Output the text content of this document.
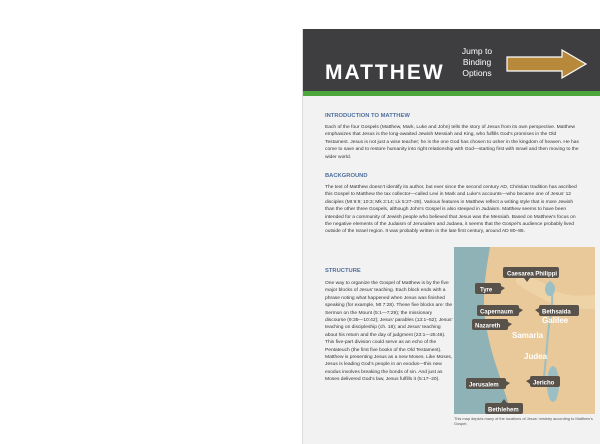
MATTHEW
Jump to
Binding
Options
INTRODUCTION TO MATTHEW

Each of the four Gospels (Matthew, Mark, Luke and John) tells the story of Jesus from its own perspective. Matthew emphasizes that Jesus is the long-awaited Jewish Messiah and King, who fulfills God’s promises in the Old Testament. Jesus is not just a wise teacher; he is the one God has chosen to usher in the kingdom of heaven. He has come to save and to restore humanity into right relationship with God—starting first with Israel and then moving to the wider world.

BACKGROUND

The text of Matthew doesn’t identify its author, but ever since the second century AD, Christian tradition has ascribed this Gospel to Matthew the tax collector—called Levi in Mark and Luke’s accounts—who became one of Jesus’ 12 disciples (Mt 9:9; 10:3; Mk 2:14; Lk 5:27–28). Various features in Matthew reflect a writing style that is more Jewish than the other three Gospels, although John’s Gospel is also steeped in Judaism. Matthew seems to have been intended for a community of Jewish people who believed that Jesus was the Messiah. Based on Matthew’s focus on the negative elements of the Judaism of Jerusalem and Judaea, it seems that the Gospel’s audience probably lived outside of the Israel region. It was probably written in the late first century, around AD 80–85.

STRUCTURE

One way to organize the Gospel of Matthew is by the five major blocks of Jesus’ teaching. Each block ends with a phrase noting what happened when Jesus was finished speaking (for example, Mt 7:28). These five blocks are: the Sermon on the Mount (5:1—7:29); the missionary discourse (9:35—10:42); Jesus’ parables (13:1–52); Jesus’ teaching on discipleship (ch. 18); and Jesus’ teaching about his return and the day of judgment (23:1—25:46). This five-part division could serve as an echo of the Pentateuch (the first five books of the Old Testament). Matthew is presenting Jesus as a new Moses. Like Moses, Jesus is leading God’s people in an exodus—this new exodus involves breaking the bonds of sin. And just as Moses delivered God’s law, Jesus fulfills it (5:17–20).

Galilee
Samaria
Judea
Caesarea Philippi
Tyre
Capernaum	Bethsaida
Nazareth
Jerusalem	Jericho
Bethlehem
This map depicts many of the locations of Jesus’ ministry according to Matthew’s Gospel.
